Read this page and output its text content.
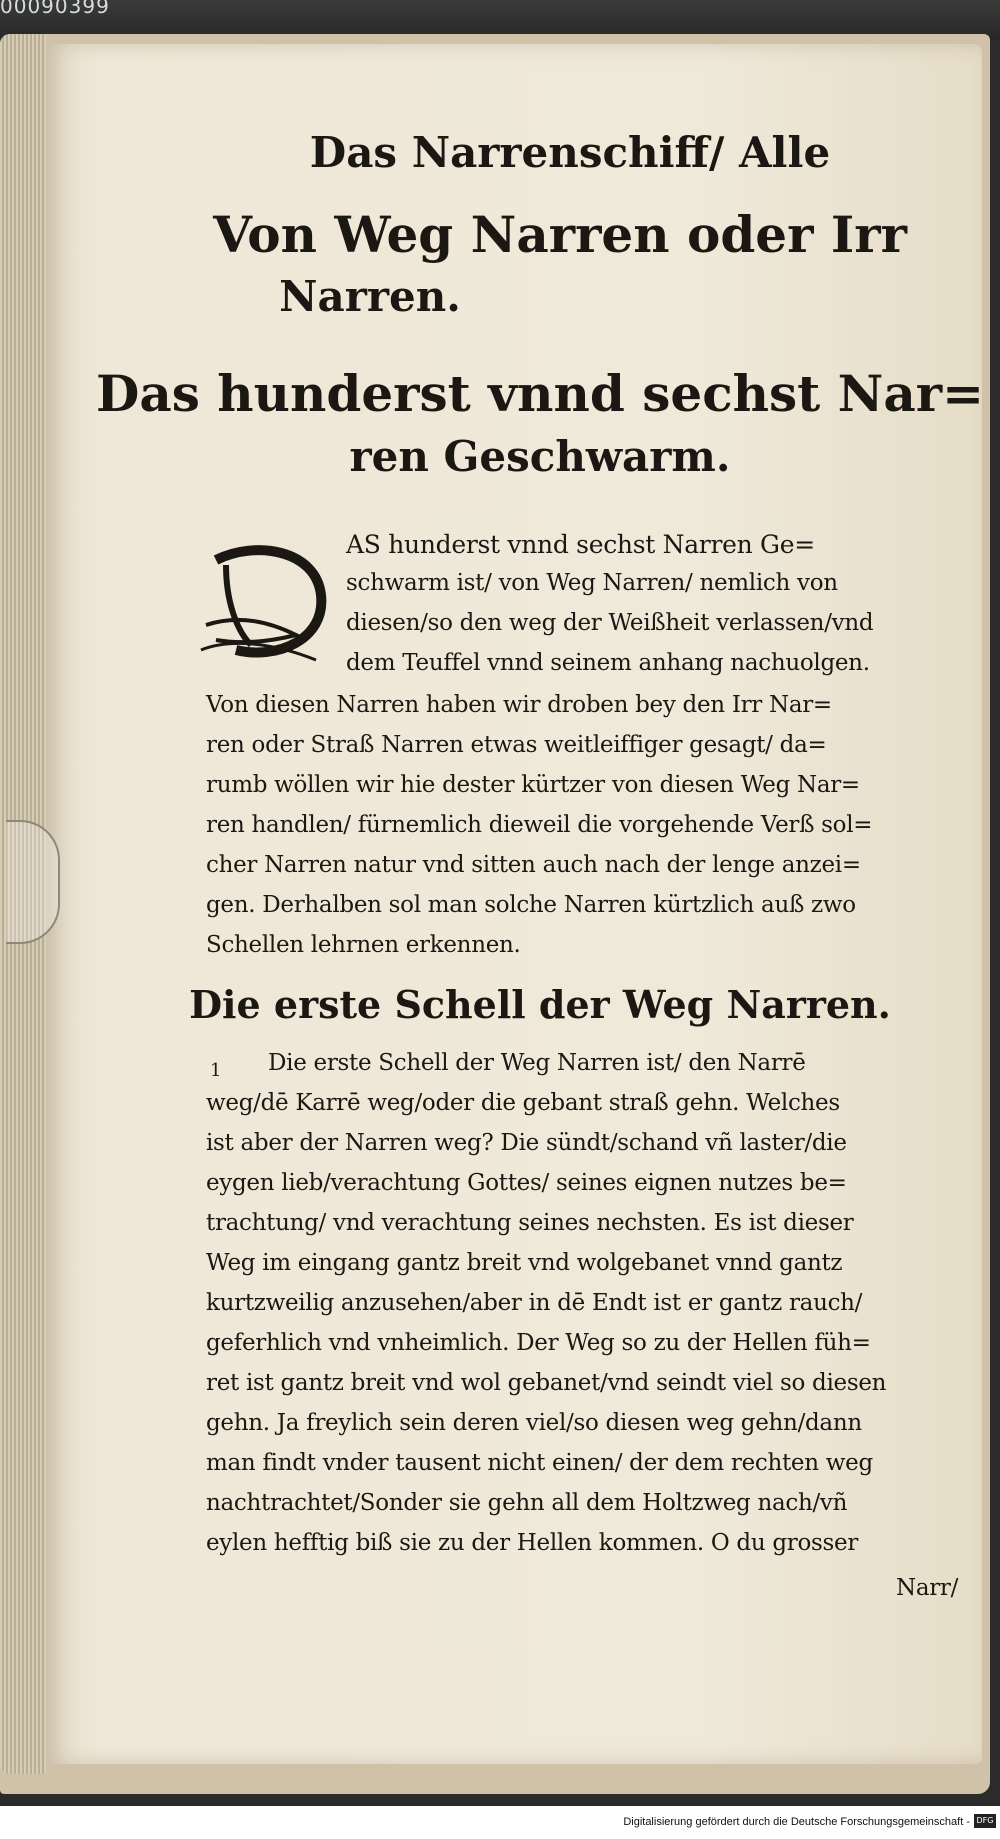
00090399
Das Narrenschiff/ Alle
Von Weg Narren oder Irr
Narren.
Das hunderst vnnd sechst Nar=
ren Geschwarm.
AS hunderst vnnd sechst Narren Ge=
schwarm ist/ von Weg Narren/ nemlich von
diesen/so den weg der Weißheit verlassen/vnd
dem Teuffel vnnd seinem anhang nachuolgen.
Von diesen Narren haben wir droben bey den Irr Nar=
ren oder Straß Narren etwas weitleiffiger gesagt/ da=
rumb wöllen wir hie dester kürtzer von diesen Weg Nar=
ren handlen/ fürnemlich dieweil die vorgehende Verß sol=
cher Narren natur vnd sitten auch nach der lenge anzei=
gen. Derhalben sol man solche Narren kürtzlich auß zwo
Schellen lehrnen erkennen.
Die erste Schell der Weg Narren.
1 Die erste Schell der Weg Narren ist/ den Narrē
weg/dē Karrē weg/oder die gebant straß gehn. Welches
ist aber der Narren weg? Die sündt/schand vñ laster/die
eygen lieb/verachtung Gottes/ seines eignen nutzes be=
trachtung/ vnd verachtung seines nechsten. Es ist dieser
Weg im eingang gantz breit vnd wolgebanet vnnd gantz
kurtzweilig anzusehen/aber in dē Endt ist er gantz rauch/
geferhlich vnd vnheimlich. Der Weg so zu der Hellen füh=
ret ist gantz breit vnd wol gebanet/vnd seindt viel so diesen
gehn. Ja freylich sein deren viel/so diesen weg gehn/dann
man findt vnder tausent nicht einen/ der dem rechten weg
nachtrachtet/Sonder sie gehn all dem Holtzweg nach/vñ
eylen hefftig biß sie zu der Hellen kommen. O du grosser
Narr/
Digitalisierung gefördert durch die Deutsche Forschungsgemeinschaft - DFG
